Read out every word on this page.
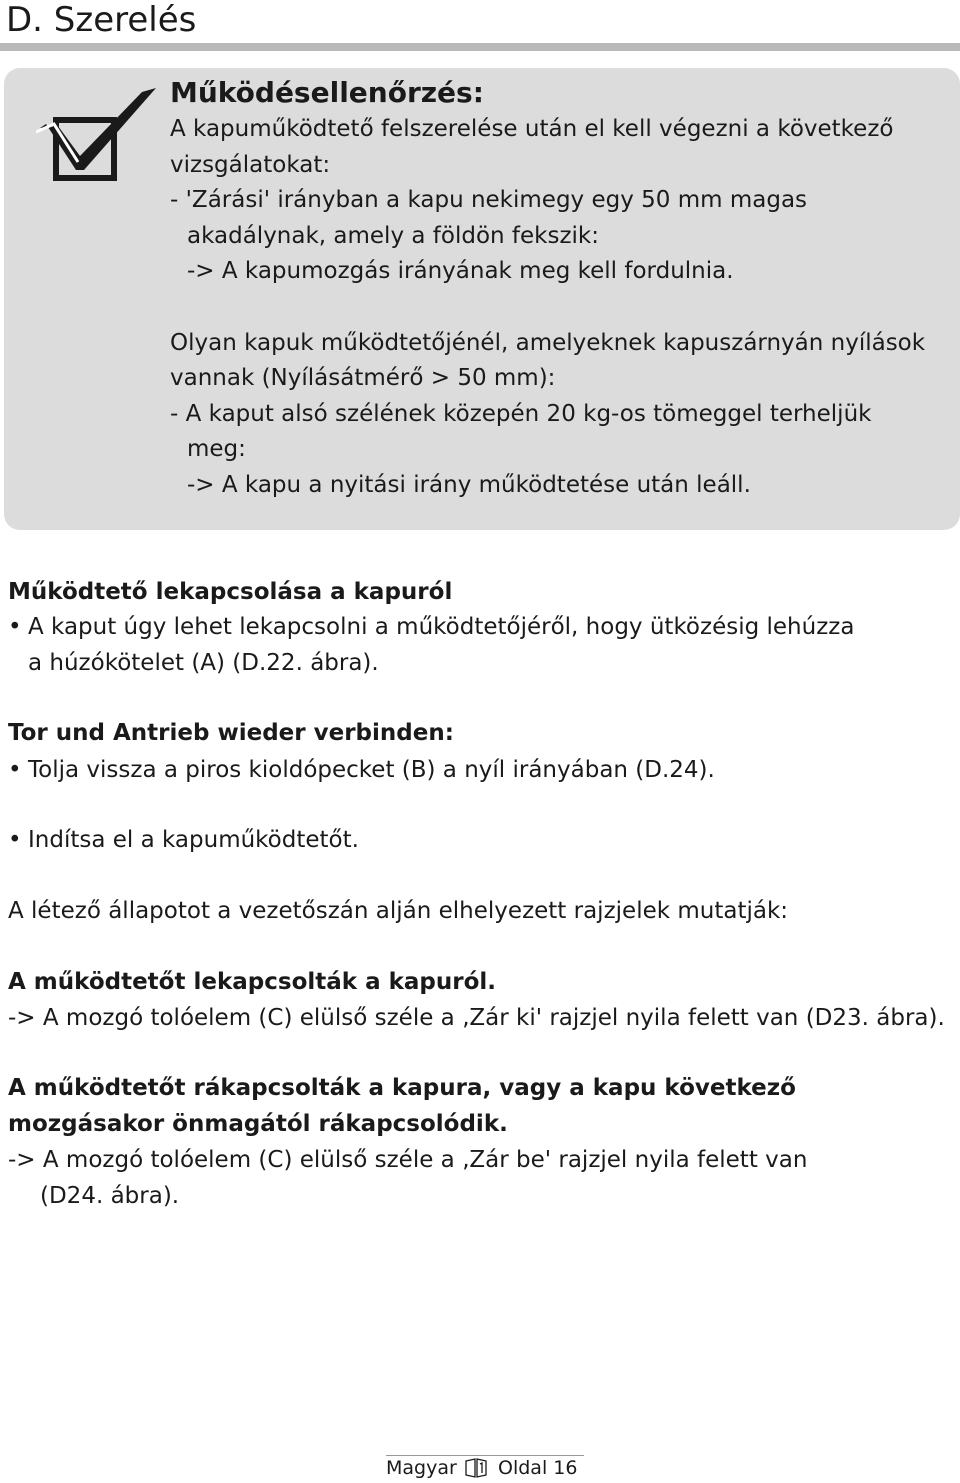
D. Szerelés
Működésellenőrzés:
A kapuműködtető felszerelése után el kell végezni a következő
vizsgálatokat:
- 'Zárási' irányban a kapu nekimegy egy 50 mm magas
akadálynak, amely a földön fekszik:
-> A kapumozgás irányának meg kell fordulnia.
Olyan kapuk működtetőjénél, amelyeknek kapuszárnyán nyílások
vannak (Nyílásátmérő > 50 mm):
- A kaput alsó szélének közepén 20 kg-os tömeggel terheljük
meg:
-> A kapu a nyitási irány működtetése után leáll.
Működtető lekapcsolása a kapuról
• A kaput úgy lehet lekapcsolni a működtetőjéről, hogy ütközésig lehúzza
a húzókötelet (A) (D.22. ábra).
Tor und Antrieb wieder verbinden:
• Tolja vissza a piros kioldópecket (B) a nyíl irányában (D.24).
• Indítsa el a kapuműködtetőt.
A létező állapotot a vezetőszán alján elhelyezett rajzjelek mutatják:
A működtetőt lekapcsolták a kapuról.
-> A mozgó tolóelem (C) elülső széle a ‚Zár ki' rajzjel nyila felett van (D23. ábra).
A működtetőt rákapcsolták a kapura, vagy a kapu következő
mozgásakor önmagától rákapcsolódik.
-> A mozgó tolóelem (C) elülső széle a ‚Zár be' rajzjel nyila felett van
(D24. ábra).
Magyar Oldal 16
